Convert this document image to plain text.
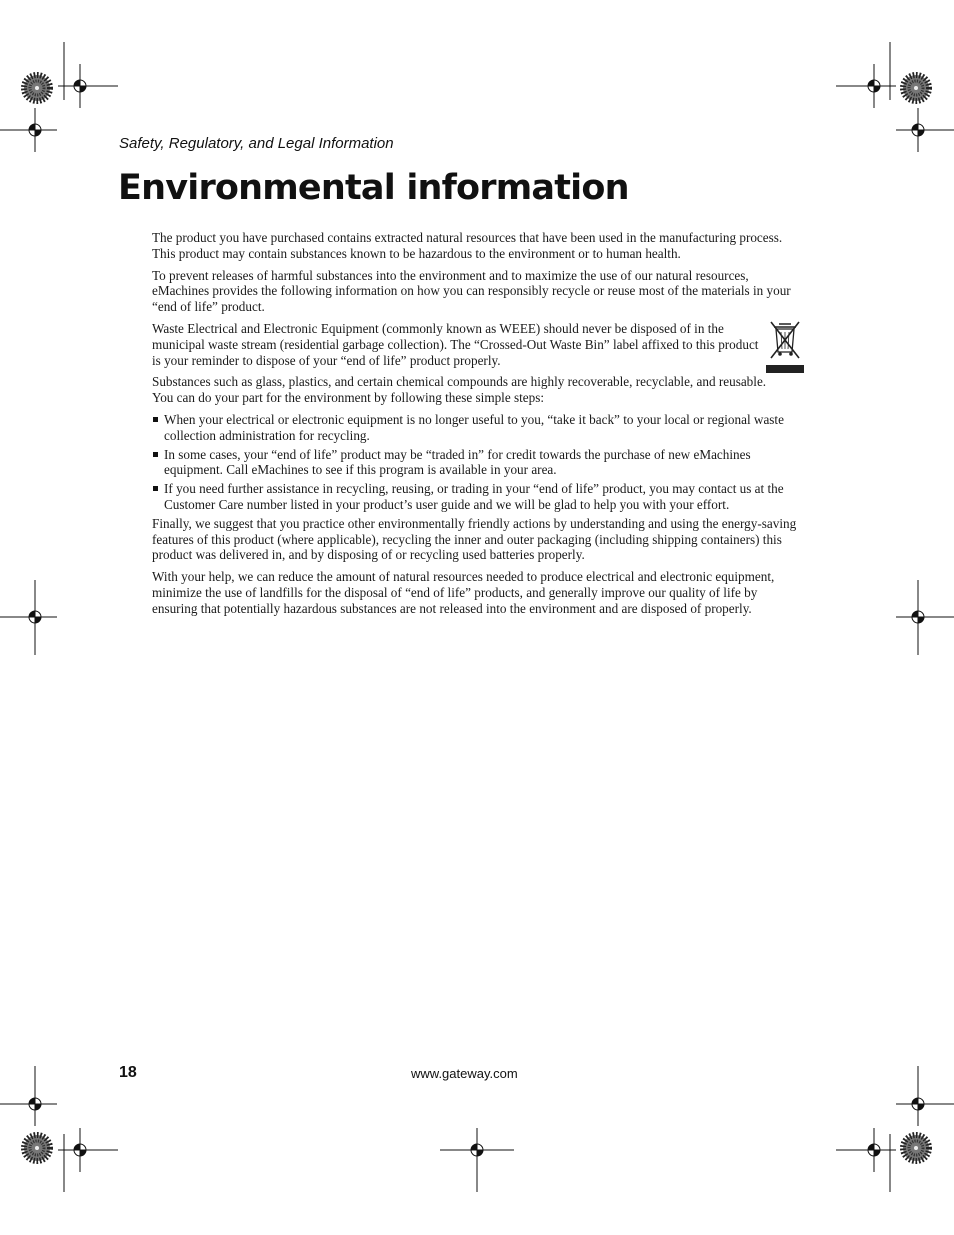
Safety, Regulatory, and Legal Information
Environmental information

The product you have purchased contains extracted natural resources that have been used in the manufacturing process. This product may contain substances known to be hazardous to the environment or to human health.

To prevent releases of harmful substances into the environment and to maximize the use of our natural resources, eMachines provides the following information on how you can responsibly recycle or reuse most of the materials in your “end of life” product.

Waste Electrical and Electronic Equipment (commonly known as WEEE) should never be disposed of in the municipal waste stream (residential garbage collection). The “Crossed-Out Waste Bin” label affixed to this product is your reminder to dispose of your “end of life” product properly.

Substances such as glass, plastics, and certain chemical compounds are highly recoverable, recyclable, and reusable. You can do your part for the environment by following these simple steps:

When your electrical or electronic equipment is no longer useful to you, “take it back” to your local or regional waste collection administration for recycling.
In some cases, your “end of life” product may be “traded in” for credit towards the purchase of new eMachines equipment. Call eMachines to see if this program is available in your area.
If you need further assistance in recycling, reusing, or trading in your “end of life” product, you may contact us at the Customer Care number listed in your product’s user guide and we will be glad to help you with your effort.

Finally, we suggest that you practice other environmentally friendly actions by understanding and using the energy-saving features of this product (where applicable), recycling the inner and outer packaging (including shipping containers) this product was delivered in, and by disposing of or recycling used batteries properly.

With your help, we can reduce the amount of natural resources needed to produce electrical and electronic equipment, minimize the use of landfills for the disposal of “end of life” products, and generally improve our quality of life by ensuring that potentially hazardous substances are not released into the environment and are disposed of properly.

18	www.gateway.com
